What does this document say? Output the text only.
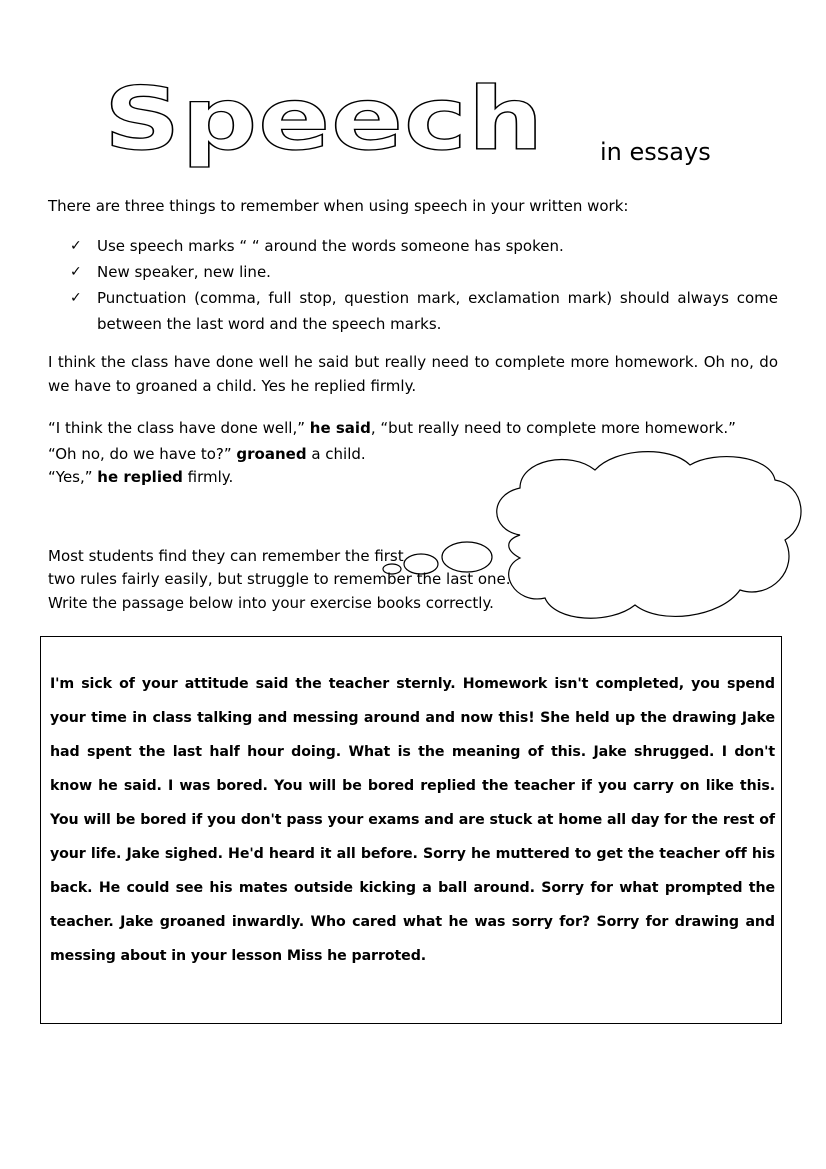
Speech in essays
There are three things to remember when using speech in your written work:
✓ Use speech marks “ “ around the words someone has spoken.
✓ New speaker, new line.
✓ Punctuation (comma, full stop, question mark, exclamation mark) should always come
between the last word and the speech marks.
I think the class have done well he said but really need to complete more homework. Oh no, do
we have to groaned a child. Yes he replied firmly.
“I think the class have done well,” he said, “but really need to complete more homework.”
“Oh no, do we have to?” groaned a child.
“Yes,” he replied firmly.
Most students find they can remember the first
two rules fairly easily, but struggle to remember the last one.
Write the passage below into your exercise books correctly.
I'm sick of your attitude said the teacher sternly. Homework isn't completed, you spend your time in class talking and messing around and now this! She held up the drawing Jake had spent the last half hour doing. What is the meaning of this. Jake shrugged. I don't know he said. I was bored. You will be bored replied the teacher if you carry on like this. You will be bored if you don't pass your exams and are stuck at home all day for the rest of your life. Jake sighed. He'd heard it all before. Sorry he muttered to get the teacher off his back. He could see his mates outside kicking a ball around. Sorry for what prompted the teacher. Jake groaned inwardly. Who cared what he was sorry for? Sorry for drawing and messing about in your lesson Miss he parroted.
